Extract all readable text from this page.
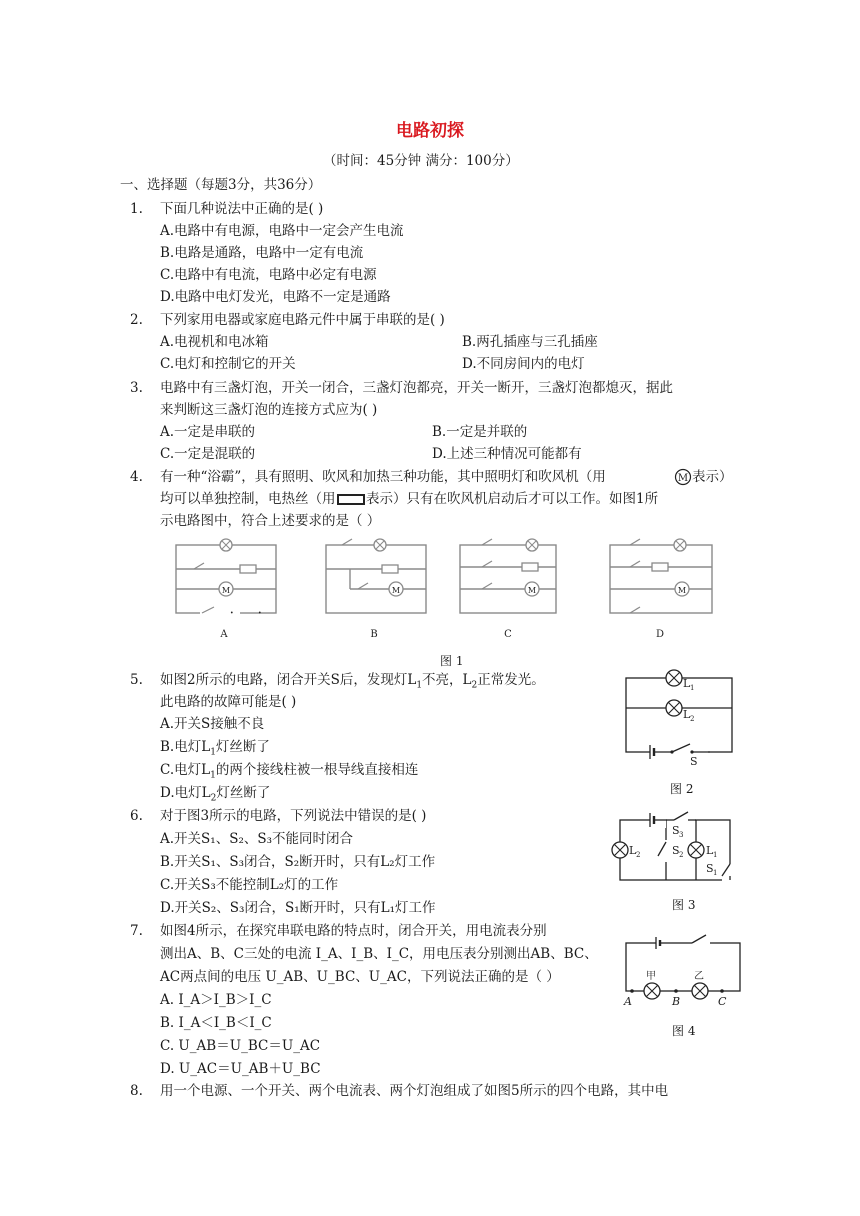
电路初探
（时间：45分钟 满分：100分）
一、选择题（每题3分，共36分）
1.	下面几种说法中正确的是( )
A.电路中有电源，电路中一定会产生电流
B.电路是通路，电路中一定有电流
C.电路中有电流，电路中必定有电源
D.电路中电灯发光，电路不一定是通路
2.	下列家用电器或家庭电路元件中属于串联的是( )
A.电视机和电冰箱	B.两孔插座与三孔插座
C.电灯和控制它的开关	D.不同房间内的电灯
3.	电路中有三盏灯泡，开关一闭合，三盏灯泡都亮，开关一断开，三盏灯泡都熄灭，据此
来判断这三盏灯泡的连接方式应为( )
A.一定是串联的	B.一定是并联的
C.一定是混联的	D.上述三种情况可能都有
4.	有一种“浴霸”，具有照明、吹风和加热三种功能，其中照明灯和吹风机（用	M 表示）
均可以单独控制，电热丝（用 表示）只有在吹风机启动后才可以工作。如图1所
示电路图中，符合上述要求的是（ ）
M
•	•
A
M
B
M
C
M
D
图 1
5.	如图2所示的电路，闭合开关S后，发现灯$L_1$不亮，$L_2$正常发光。
此电路的故障可能是( )
A.开关S接触不良
B.电灯$L_1$灯丝断了
C.电灯$L_1$的两个接线柱被一根导线直接相连
D.电灯$L_2$灯丝断了
L 1
L 2
S
图 2
6.	对于图3所示的电路，下列说法中错误的是( )
A.开关S₁、S₂、S₃不能同时闭合
B.开关S₁、S₃闭合，S₂断开时，只有L₂灯工作
C.开关S₃不能控制L₂灯的工作
D.开关S₂、S₃闭合，S₁断开时，只有L₁灯工作
S 3
L 2	S 2 L 1
S 1
图 3
7.	如图4所示，在探究串联电路的特点时，闭合开关，用电流表分别
测出A、B、C三处的电流 I_A、I_B、I_C，用电压表分别测出AB、BC、
AC两点间的电压 U_AB、U_BC、U_AC，下列说法正确的是（ ）
A. I_A＞I_B＞I_C
B. I_A＜I_B＜I_C
C. U_AB＝U_BC＝U_AC
D. U_AC＝U_AB＋U_BC
甲	乙
A	B	C
图 4
8.	用一个电源、一个开关、两个电流表、两个灯泡组成了如图5所示的四个电路，其中电
